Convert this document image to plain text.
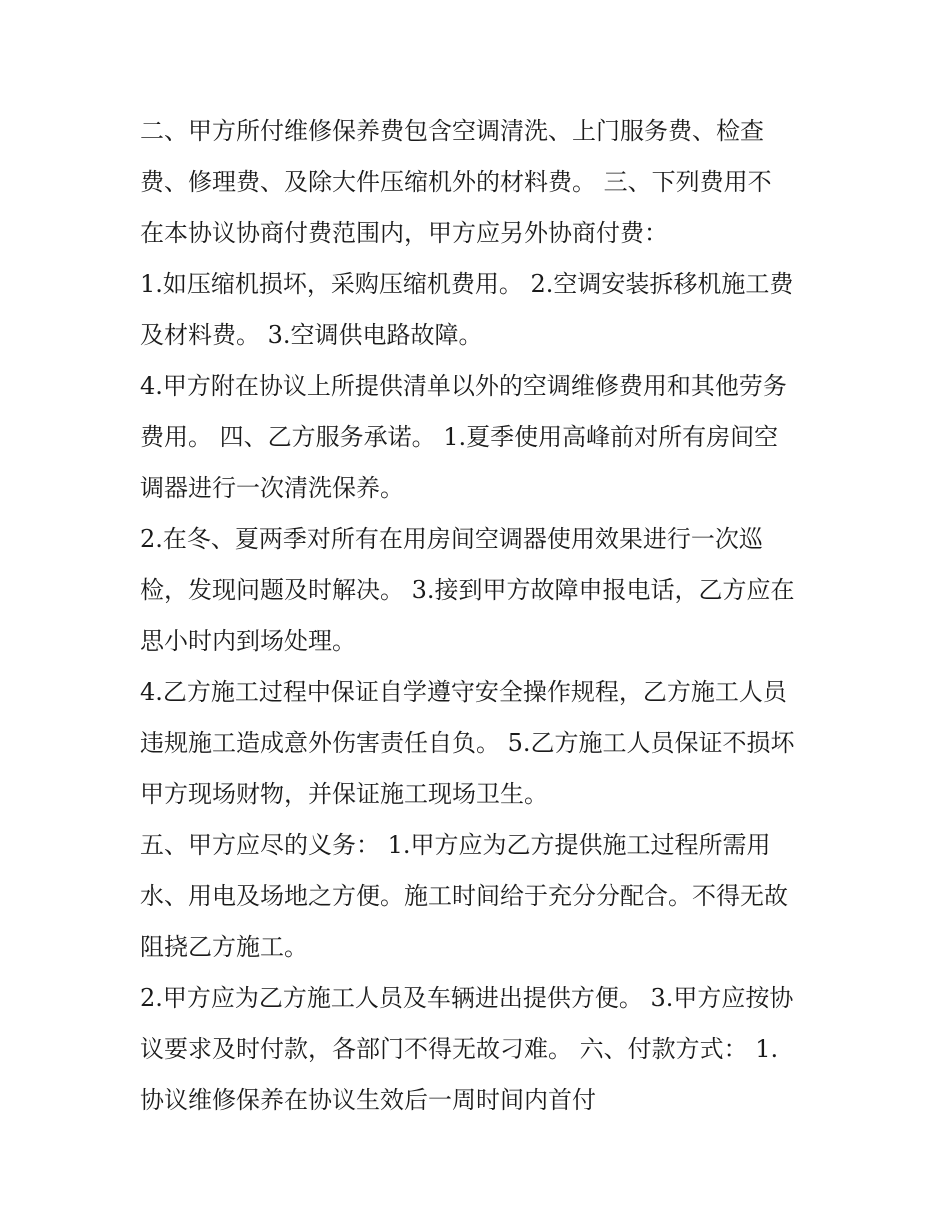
二、甲方所付维修保养费包含空调清洗、上门服务费、检查
费、修理费、及除大件压缩机外的材料费。 三、下列费用不
在本协议协商付费范围内，甲方应另外协商付费：
1.如压缩机损坏，采购压缩机费用。 2.空调安装拆移机施工费
及材料费。 3.空调供电路故障。
4.甲方附在协议上所提供清单以外的空调维修费用和其他劳务
费用。 四、乙方服务承诺。 1.夏季使用高峰前对所有房间空
调器进行一次清洗保养。
2.在冬、夏两季对所有在用房间空调器使用效果进行一次巡
检，发现问题及时解决。 3.接到甲方故障申报电话，乙方应在
思小时内到场处理。
4.乙方施工过程中保证自学遵守安全操作规程，乙方施工人员
违规施工造成意外伤害责任自负。 5.乙方施工人员保证不损坏
甲方现场财物，并保证施工现场卫生。
五、甲方应尽的义务： 1.甲方应为乙方提供施工过程所需用
水、用电及场地之方便。施工时间给于充分分配合。不得无故
阻挠乙方施工。
2.甲方应为乙方施工人员及车辆进出提供方便。 3.甲方应按协
议要求及时付款，各部门不得无故刁难。 六、付款方式： 1.
协议维修保养在协议生效后一周时间内首付
